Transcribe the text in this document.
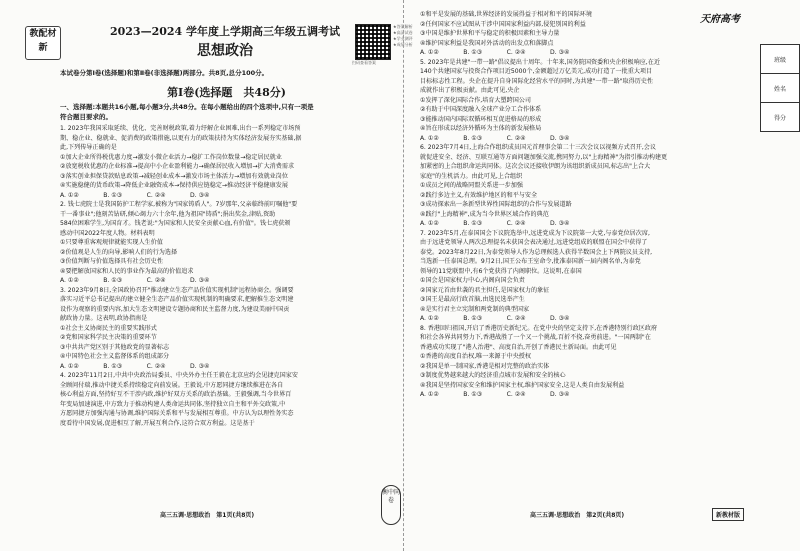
教配材新
2023—2024 学年度上学期高三年级五调考试
思想政治
扫码查看答案
★答案解析
★高清试卷
★学业测评
★成绩分析
本试卷分第Ⅰ卷(选择题)和第Ⅱ卷(非选择题)两部分。共8页,总分100分。
第Ⅰ卷(选择题　共48分)
一、选择题:本题共16小题,每小题3分,共48分。在每小题给出的四个选项中,只有一项是
符合题目要求的。
1. 2023年我国采取延续、优化、完善财税政策,着力纾解企业困难,出台一系列稳定市场预
期、稳企业、稳就业、促消费的政策措施,以更有力的政策扶持为实体经济发展夯实基础,据
此,下列传导正确的是
①加大企业所得税优惠力度→激发小微企业活力→稳扩工作岗位数量→稳定居民就业
②放宽税收优惠的企业标准→提高中小企业盈利能力→确保居民收入增加→扩大消费需求
③落实创业担保贷款贴息政策→减轻创业成本→激发市场主体活力→增加有效就业岗位
④实施稳健的货币政策→降低企业融资成本→保持供应链稳定→推动经济平稳健康发展
A. ①②　　　　B. ①③　　　　C. ②④　　　　D. ③④
2. 钱七虎院士是我国防护工程学家,被称为"国家铸盾人"。7岁那年,父亲临终前叮嘱他"要
干一番事业";他刻苦钻研,倾心竭力六十余年,他为祖国"铸盾";捐出奖金,津贴,资助
584位困难学生,为国育才。钱老说:"为国家和人民安全贡献心血,有价值"。钱七虎获颁
感动中国2022年度人物。材料表明
①只要尊重客观规律就能实现人生价值
②价值观是人生的向导,影响人们的行为选择
③价值判断与价值选择具有社会历史性
④要把解放国家和人民的事业作为最高的价值追求
A. ①②　　　　B. ①③　　　　C. ②④　　　　D. ③④
3. 2023年9月8日,全国政协召开"推动建立生态产品价值实现机制"远程协商会。强调要
落实习近平总书记提出的建立健全生态产品价值实现机制的明确要求,把解推生态文明建
设作为观察的重要内容,加大生态文明建设专题协商和民主监督力度,为建设美丽中国贡
献政协力量。这表明,政协指南是
①社会主义协商民主的重要实践形式
②党和国家科学民主决策的重要环节
③中共共产党区别于其他政党的显著标志
④中国特色社会主义监督体系的组成部分
A. ①②　　　　B. ①③　　　　C. ②④　　　　D. ③④
4. 2023年11月2日,中共中央政治局委员、中央外办主任王毅在北京应约会见捷克国家安
全顾问付瑞,推动中捷关系持续稳定向前发展。王毅说,中方愿同捷方继续推进在各自
核心利益方面,坚持好互不干涉内政,维护好双方关系的政治基础。王毅强调,当今世界百
年变局加速演进,中方致力于推动构建人类命运共同体,坚持独立自主和平外交政策,中
方愿同捷方加强沟通与协调,维护国际关系和平与发展相互尊重。中方认为以理性务实态
度看待中国发展,促进相互了解,开展互利合作,这符合双方利益。这是基于
①和平是发展的基础,世界经济的发展得益于相对和平的国际环境
②任何国家不应试图从干涉中国国家利益内部,侵犯别国的利益
③中国是维护世界和平与稳定的积极因素和主导力量
④维护国家利益是我国对外活动的出发点和落脚点
A. ①②　　　　B. ①③　　　　C. ②④　　　　D. ③④
5. 2023年是共建"一带一路"倡议提出十周年。十年来,国务院国资委和央企积极响应,在近
140个共建国家与投资合作项目近5000个,金额超过万亿美元,成功打造了一批重大项目
目标标志性工程。央企在提升自身国际化经营水平的同时,为共建"一带一路"取得历史性
成就作出了积极贡献。由此可见,央企
①发挥了深化国际合作,培育大塑跨国公司
②有助于中国深度融入全球产业分工合作体系
③能推动国内国际双循环相互促进格局的形成
④旨在形成以经济外循环为主体的新发展格局
A. ①②　　　　B. ①③　　　　C. ②④　　　　D. ③④
6. 2023年7月4日,上海合作组织成员国元首理事会第二十三次会议以视频方式召开,会议
就促进安全、经济、互联互通等方面问题加强交流,携同努力,以"上海精神"为指引推动构建更
加紧密的上合组织命运共同体。这次会议还接收伊朗为该组织新成员国,标志出"上合大
家庭"的生机活力。由此可见,上合组织
①成员之间的战略同盟关系进一步加强
②践行多边主义,有效维护地区的和平与安全
③成功探索出一条新型世界性国际组织的合作与发展道路
④践行"上海精神",成为当今世界区域合作的典范
A. ①②　　　　B. ①③　　　　C. ②④　　　　D. ③④
7. 2023年5月,在泰国国会下议院选举中,远进党成为下议院第一大党,与泰党位居次席,
由于远进党领导人两次总理提名未获国会表决通过,远进党组成的联盟在国会中获得了
泰党。2023年8月22日,为泰党领导人作为总理候选人获得半数国会上下两院议员支持,
当选新一任泰国总理。9月2日,国王公布王室命令,批准泰国新一届内阁名单,为泰党
领导的11党联盟中,有6个党获得了内阁职位。这说明,在泰国
①国会是国家权力中心,内阁向国会负责
②国家元首由世袭的君主担任,是国家权力的象征
③国王是最高行政首脑,由选民选举产生
④是实行君主立宪制和两党制的典型国家
A. ①②　　　　B. ①③　　　　C. ②④　　　　D. ③④
8. 香港回归祖国,开启了香港历史新纪元。在党中央的坚定支持下,在香港特别行政区政府
和社会各界共同努力下,香港战胜了一个又一个挑战,百折不挠,奋勇前进。"一国两制"在
香港成功实现了"港人治港"、高度自治,开创了香港民主新局面。由此可见
①香港的高度自治权,唯一来源于中央授权
②我国是单一制国家,香港是相对完整的政治实体
③制度优势越来越大的经济重点城市发展和安全的核心
④我国是坚持国家安全和维护国家主权,维护国家安全,这是人类自由发展利益
A. ①②　　　　B. ①③　　　　C. ②④　　　　D. ③④
天府高考
班级
姓名
得分
衡中同卷
高三五调·思想政治　第1页(共8页)	高三五调·思想政治　第2页(共8页)	新教材版
